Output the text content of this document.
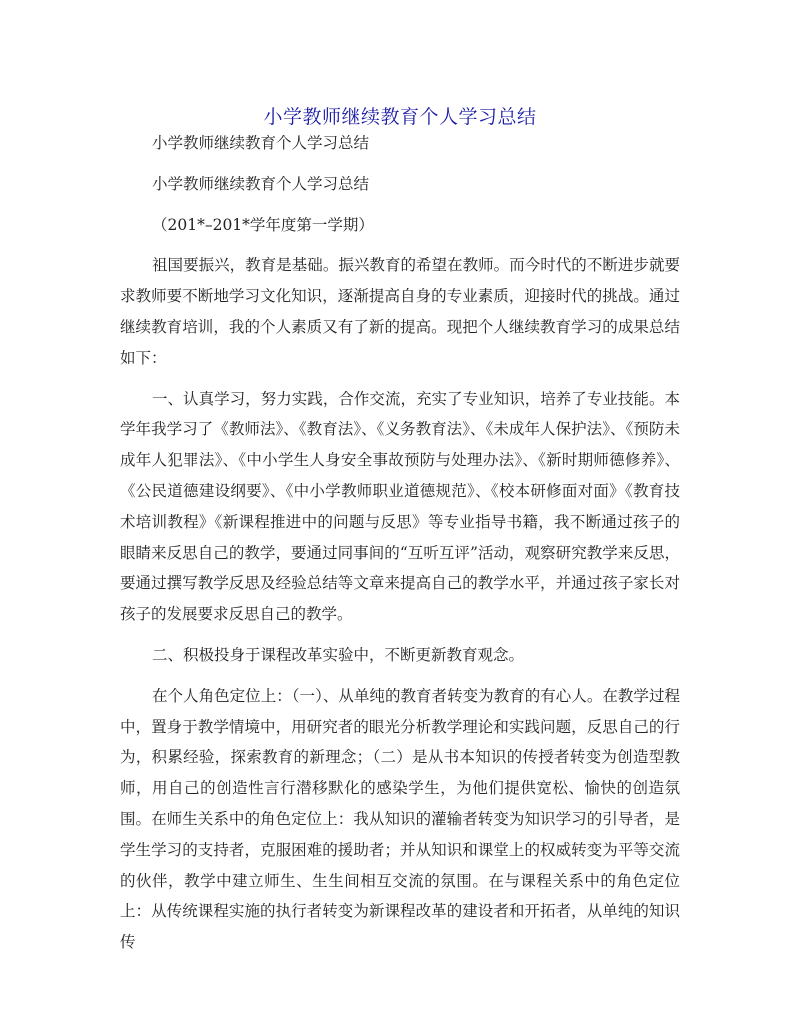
小学教师继续教育个人学习总结

小学教师继续教育个人学习总结

小学教师继续教育个人学习总结

（201*–201*学年度第一学期）

祖国要振兴，教育是基础。振兴教育的希望在教师。而今时代的不断进步就要求教师要不断地学习文化知识，逐渐提高自身的专业素质，迎接时代的挑战。通过继续教育培训，我的个人素质又有了新的提高。现把个人继续教育学习的成果总结如下：

一、认真学习，努力实践，合作交流，充实了专业知识，培养了专业技能。本学年我学习了《教师法》、《教育法》、《义务教育法》、《未成年人保护法》、《预防未成年人犯罪法》、《中小学生人身安全事故预防与处理办法》、《新时期师德修养》、《公民道德建设纲要》、《中小学教师职业道德规范》、《校本研修面对面》《教育技术培训教程》《新课程推进中的问题与反思》等专业指导书籍，我不断通过孩子的眼睛来反思自己的教学，要通过同事间的“互听互评”活动，观察研究教学来反思，要通过撰写教学反思及经验总结等文章来提高自己的教学水平，并通过孩子家长对孩子的发展要求反思自己的教学。

二、积极投身于课程改革实验中，不断更新教育观念。

在个人角色定位上：（一）、从单纯的教育者转变为教育的有心人。在教学过程中，置身于教学情境中，用研究者的眼光分析教学理论和实践问题，反思自己的行为，积累经验，探索教育的新理念；（二）是从书本知识的传授者转变为创造型教师，用自己的创造性言行潜移默化的感染学生，为他们提供宽松、愉快的创造氛围。在师生关系中的角色定位上：我从知识的灌输者转变为知识学习的引导者，是学生学习的支持者，克服困难的援助者；并从知识和课堂上的权威转变为平等交流的伙伴，教学中建立师生、生生间相互交流的氛围。在与课程关系中的角色定位上：从传统课程实施的执行者转变为新课程改革的建设者和开拓者，从单纯的知识传
